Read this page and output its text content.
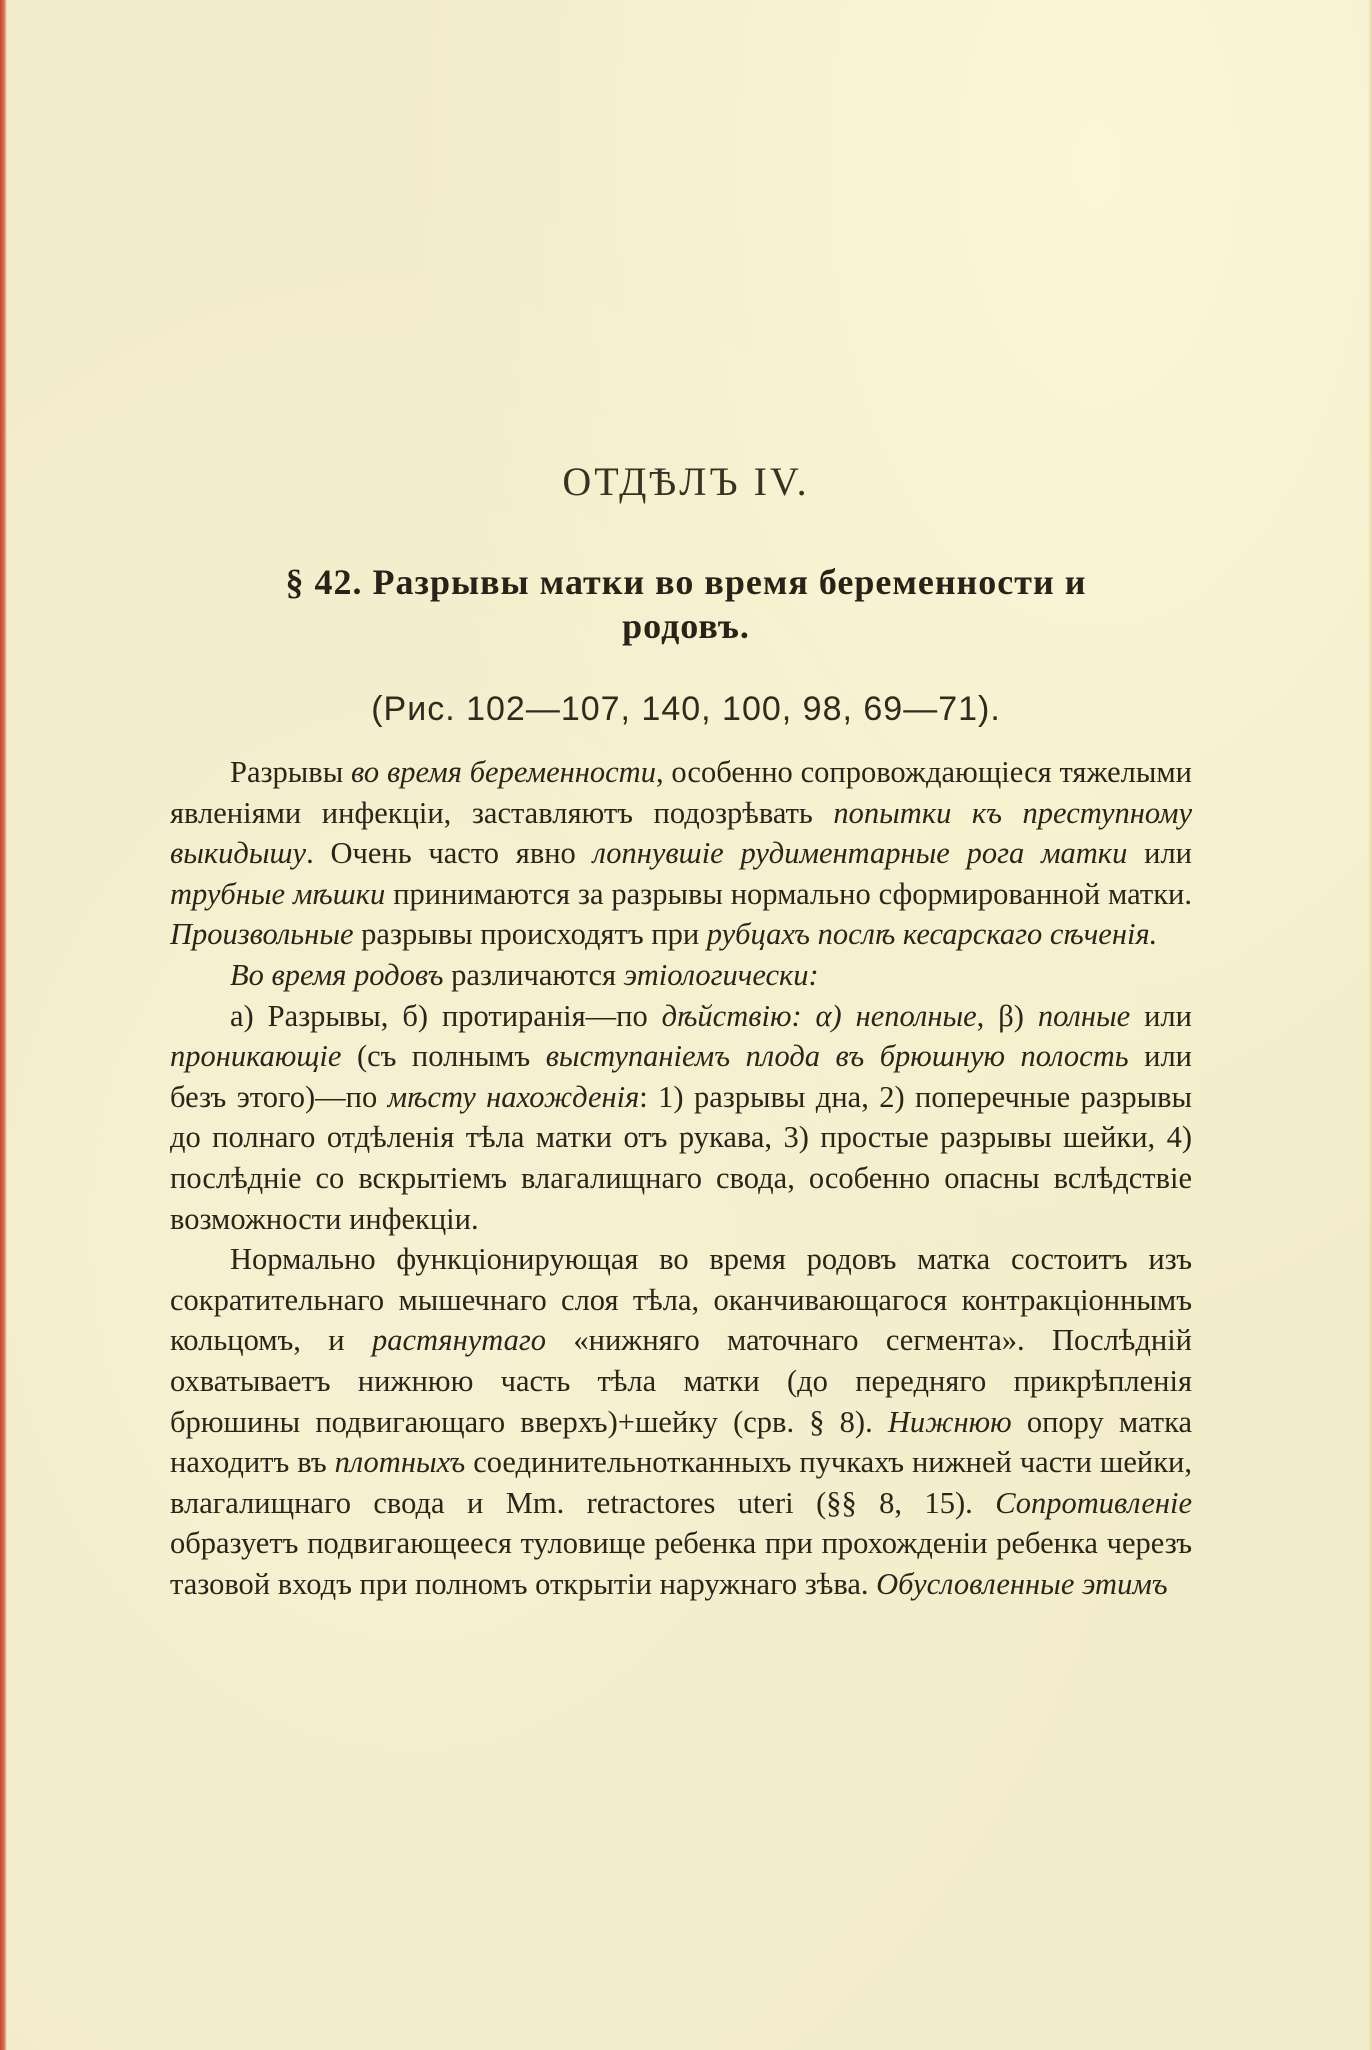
ОТДѢЛЪ IV.
§ 42. Разрывы матки во время беременности и
родовъ.
(Рис. 102—107, 140, 100, 98, 69—71).

Разрывы во время беременности, особенно сопровождающіеся тяжелыми явленіями инфекціи, заставляютъ подозрѣвать попытки къ преступному выкидышу. Очень часто явно лопнувшіе рудиментарные рога матки или трубные мѣшки принимаются за разрывы нормально сформированной матки. Произвольные разрывы происходятъ при рубцахъ послѣ кесарскаго сѣченія.

Во время родовъ различаются этіологически:

а) Разрывы, б) протиранія—по дѣйствію: α) неполные, β) полные или проникающіе (съ полнымъ выступаніемъ плода въ брюшную полость или безъ этого)—по мѣсту нахожденія: 1) разрывы дна, 2) поперечные разрывы до полнаго отдѣленія тѣла матки отъ рукава, 3) простые разрывы шейки, 4) послѣдніе со вскрытіемъ влагалищнаго свода, особенно опасны вслѣдствіе возможности инфекціи.

Нормально функціонирующая во время родовъ матка состоитъ изъ сократительнаго мышечнаго слоя тѣла, оканчивающагося контракціоннымъ кольцомъ, и растянутаго «нижняго маточнаго сегмента». Послѣдній охватываетъ нижнюю часть тѣла матки (до передняго прикрѣпленія брюшины подвигающаго вверхъ)+шейку (срв. § 8). Нижнюю опору матка находитъ въ плотныхъ соединительнотканныхъ пучкахъ нижней части шейки, влагалищнаго свода и Mm. retractores uteri (§§ 8, 15). Сопротивленіе образуетъ подвигающееся туловище ребенка при прохожденіи ребенка черезъ тазовой входъ при полномъ открытіи наружнаго зѣва. Обусловленные этимъ
